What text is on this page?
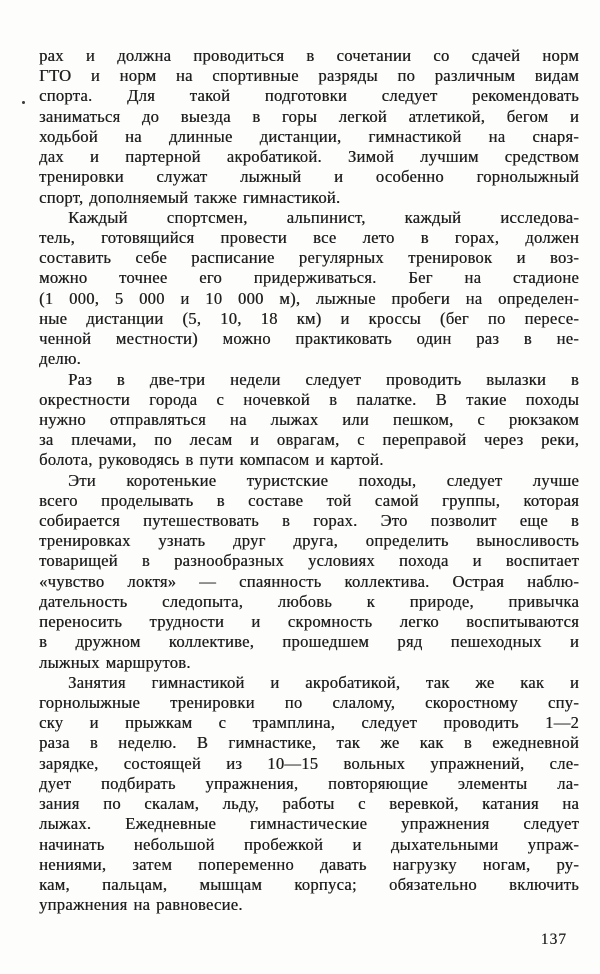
рах и должна проводиться в сочетании со сдачей норм
ГТО и норм на спортивные разряды по различным видам
спорта. Для такой подготовки следует рекомендовать
заниматься до выезда в горы легкой атлетикой, бегом и
ходьбой на длинные дистанции, гимнастикой на снаря-
дах и партерной акробатикой. Зимой лучшим средством
тренировки служат лыжный и особенно горнолыжный
спорт, дополняемый также гимнастикой.
Каждый спортсмен, альпинист, каждый исследова-
тель, готовящийся провести все лето в горах, должен
составить себе расписание регулярных тренировок и воз-
можно точнее его придерживаться. Бег на стадионе
(1 000, 5 000 и 10 000 м), лыжные пробеги на определен-
ные дистанции (5, 10, 18 км) и кроссы (бег по пересе-
ченной местности) можно практиковать один раз в не-
делю.
Раз в две-три недели следует проводить вылазки в
окрестности города с ночевкой в палатке. В такие походы
нужно отправляться на лыжах или пешком, с рюкзаком
за плечами, по лесам и оврагам, с переправой через реки,
болота, руководясь в пути компасом и картой.
Эти коротенькие туристские походы, следует лучше
всего проделывать в составе той самой группы, которая
собирается путешествовать в горах. Это позволит еще в
тренировках узнать друг друга, определить выносливость
товарищей в разнообразных условиях похода и воспитает
«чувство локтя» — спаянность коллектива. Острая наблю-
дательность следопыта, любовь к природе, привычка
переносить трудности и скромность легко воспитываются
в дружном коллективе, прошедшем ряд пешеходных и
лыжных маршрутов.
Занятия гимнастикой и акробатикой, так же как и
горнолыжные тренировки по слалому, скоростному спу-
ску и прыжкам с трамплина, следует проводить 1—2
раза в неделю. В гимнастике, так же как в ежедневной
зарядке, состоящей из 10—15 вольных упражнений, сле-
дует подбирать упражнения, повторяющие элементы ла-
зания по скалам, льду, работы с веревкой, катания на
лыжах. Ежедневные гимнастические упражнения следует
начинать небольшой пробежкой и дыхательными упраж-
нениями, затем попеременно давать нагрузку ногам, ру-
кам, пальцам, мышцам корпуса; обязательно включить
упражнения на равновесие.
137
